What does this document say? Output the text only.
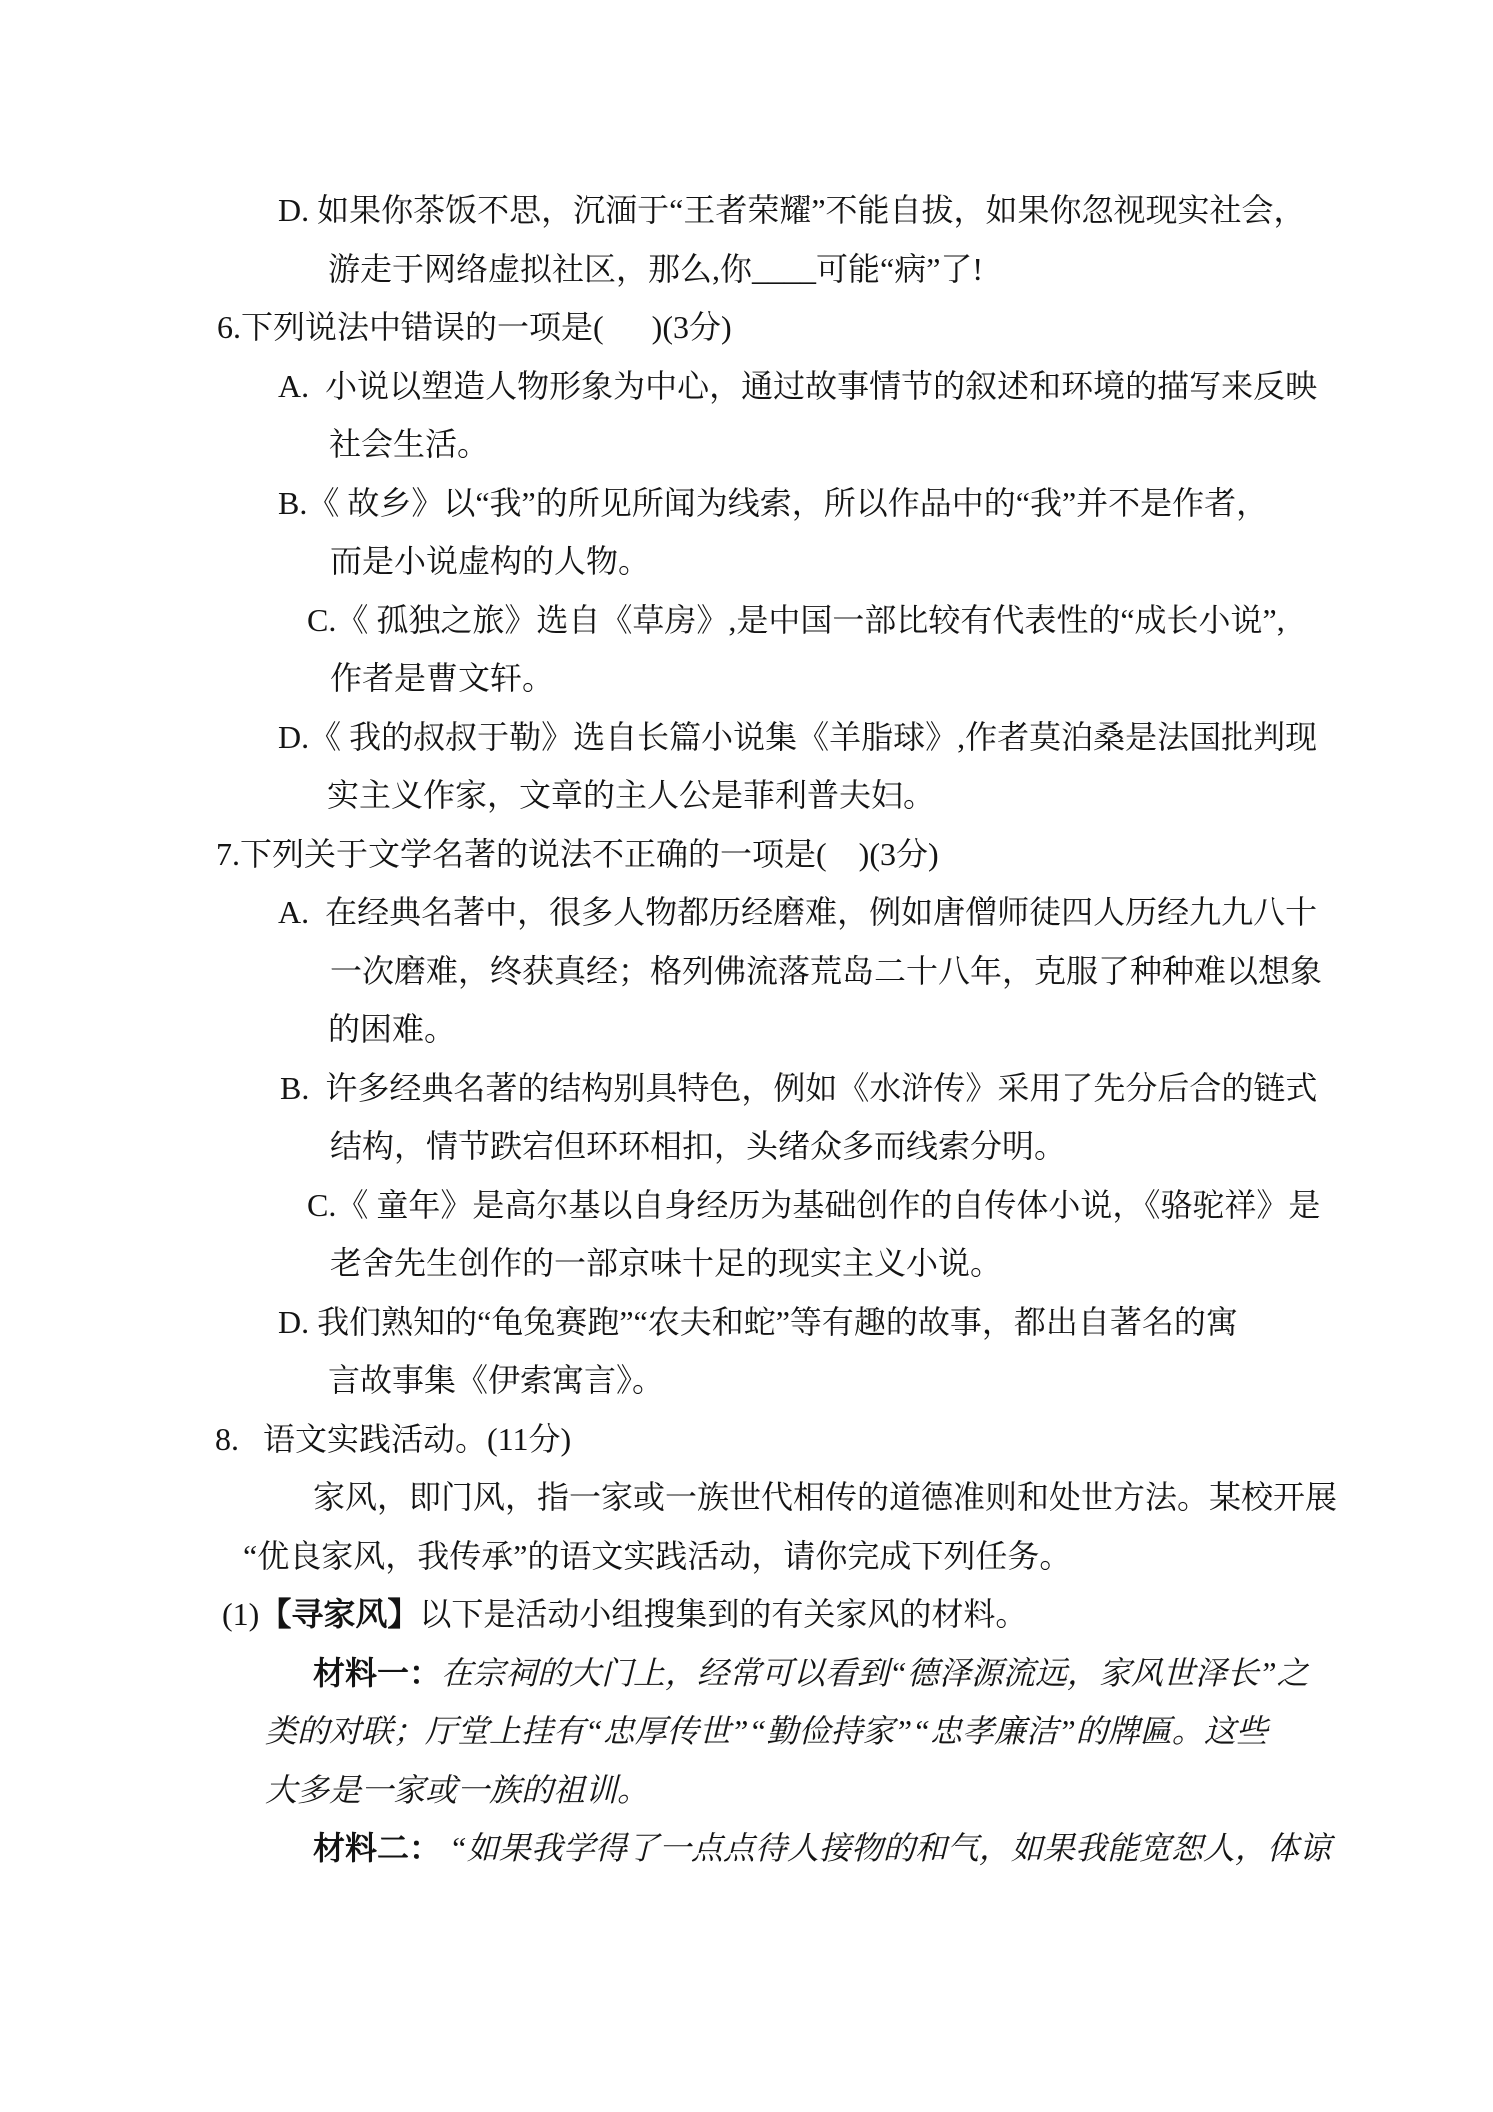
D. 如果你茶饭不思，沉湎于“王者荣耀”不能自拔，如果你忽视现实社会，
游走于网络虚拟社区，那么,你____可能“病”了!
6.下列说法中错误的一项是(      )(3分)
A.  小说以塑造人物形象为中心，通过故事情节的叙述和环境的描写来反映
社会生活。
B.《 故乡》以“我”的所见所闻为线索，所以作品中的“我”并不是作者，
而是小说虚构的人物。
C.《 孤独之旅》选自《草房》,是中国一部比较有代表性的“成长小说”,
作者是曹文轩。
D.《 我的叔叔于勒》选自长篇小说集《羊脂球》,作者莫泊桑是法国批判现
实主义作家，文章的主人公是菲利普夫妇。
7.下列关于文学名著的说法不正确的一项是(    )(3分)
A.  在经典名著中，很多人物都历经磨难，例如唐僧师徒四人历经九九八十
一次磨难，终获真经；格列佛流落荒岛二十八年，克服了种种难以想象
的困难。
B.  许多经典名著的结构别具特色，例如《水浒传》采用了先分后合的链式
结构，情节跌宕但环环相扣，头绪众多而线索分明。
C.《 童年》是高尔基以自身经历为基础创作的自传体小说，《骆驼祥》是
老舍先生创作的一部京味十足的现实主义小说。
D. 我们熟知的“龟兔赛跑”“农夫和蛇”等有趣的故事，都出自著名的寓
言故事集《伊索寓言》。
8.   语文实践活动。(11分)
家风，即门风，指一家或一族世代相传的道德准则和处世方法。某校开展
“优良家风，我传承”的语文实践活动，请你完成下列任务。
(1)【寻家风】以下是活动小组搜集到的有关家风的材料。
材料一：在宗祠的大门上，经常可以看到“德泽源流远，家风世泽长”之
类的对联；厅堂上挂有“忠厚传世”“勤俭持家”“忠孝廉洁”的牌匾。这些
大多是一家或一族的祖训。
材料二： “如果我学得了一点点待人接物的和气，如果我能宽恕人，体谅
